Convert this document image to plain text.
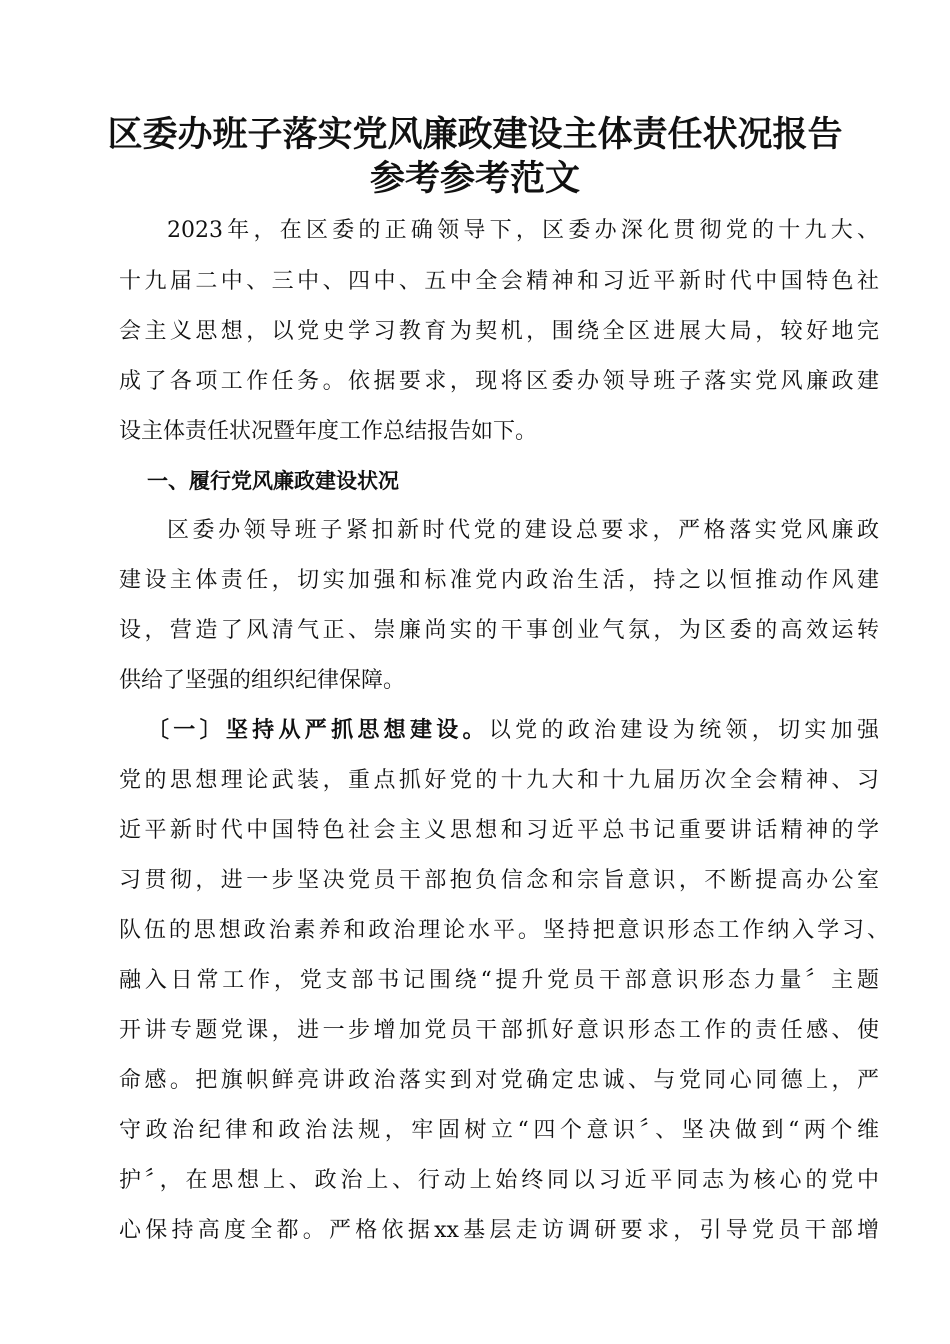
区委办班子落实党风廉政建设主体责任状况报告
参考参考范文

2023年，在区委的正确领导下，区委办深化贯彻党的十九大、

十九届二中、三中、四中、五中全会精神和习近平新时代中国特色社

会主义思想，以党史学习教育为契机，围绕全区进展大局，较好地完

成了各项工作任务。依据要求，现将区委办领导班子落实党风廉政建

设主体责任状况暨年度工作总结报告如下。

一、履行党风廉政建设状况

区委办领导班子紧扣新时代党的建设总要求，严格落实党风廉政

建设主体责任，切实加强和标准党内政治生活，持之以恒推动作风建

设，营造了风清气正、崇廉尚实的干事创业气氛，为区委的高效运转

供给了坚强的组织纪律保障。

〔一〕坚持从严抓思想建设。以党的政治建设为统领，切实加强

党的思想理论武装，重点抓好党的十九大和十九届历次全会精神、习

近平新时代中国特色社会主义思想和习近平总书记重要讲话精神的学

习贯彻，进一步坚决党员干部抱负信念和宗旨意识，不断提高办公室

队伍的思想政治素养和政治理论水平。坚持把意识形态工作纳入学习、

融入日常工作，党支部书记围绕“提升党员干部意识形态力量〞主题

开讲专题党课，进一步增加党员干部抓好意识形态工作的责任感、使

命感。把旗帜鲜亮讲政治落实到对党确定忠诚、与党同心同德上，严

守政治纪律和政治法规，牢固树立“四个意识〞、坚决做到“两个维

护〞，在思想上、政治上、行动上始终同以习近平同志为核心的党中

心保持高度全都。严格依据xx基层走访调研要求，引导党员干部增
